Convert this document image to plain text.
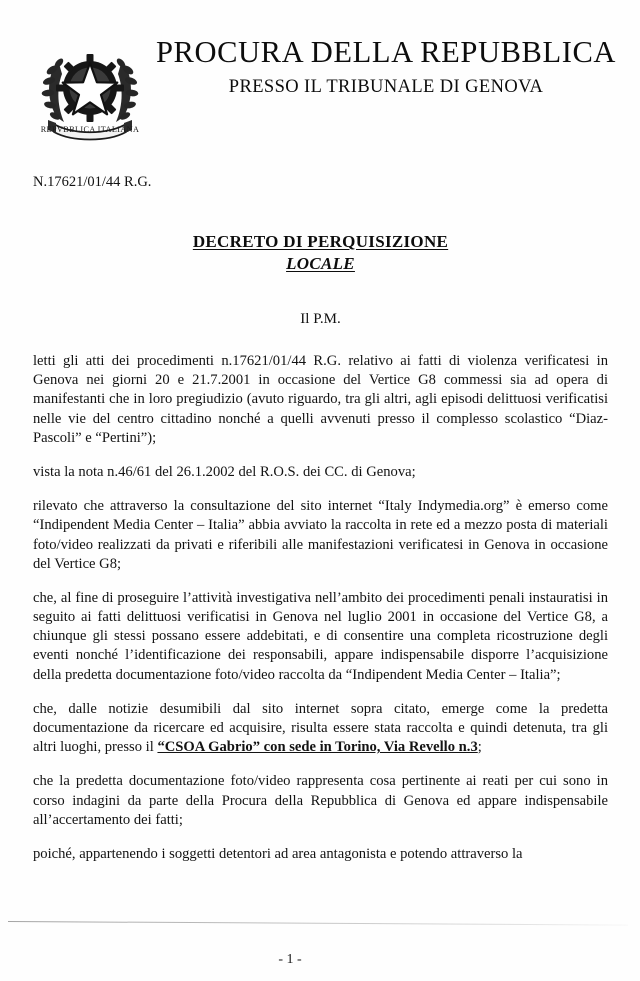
REPVBBLICA ITALIANA
PROCURA DELLA REPUBBLICA
PRESSO IL TRIBUNALE DI GENOVA
N.17621/01/44 R.G.
DECRETO DI PERQUISIZIONE
LOCALE
Il P.M.

letti gli atti dei procedimenti n.17621/01/44 R.G. relativo ai fatti di violenza verificatesi in Genova nei giorni 20 e 21.7.2001 in occasione del Vertice G8 commessi sia ad opera di manifestanti che in loro pregiudizio (avuto riguardo, tra gli altri, agli episodi delittuosi verificatisi nelle vie del centro cittadino nonché a quelli avvenuti presso il complesso scolastico “Diaz-Pascoli” e “Pertini”);

vista la nota n.46/61 del 26.1.2002 del R.O.S. dei CC. di Genova;

rilevato che attraverso la consultazione del sito internet “Italy Indymedia.org” è emerso come “Indipendent Media Center – Italia” abbia avviato la raccolta in rete ed a mezzo posta di materiali foto/video realizzati da privati e riferibili alle manifestazioni verificatesi in Genova in occasione del Vertice G8;

che, al fine di proseguire l’attività investigativa nell’ambito dei procedimenti penali instauratisi in seguito ai fatti delittuosi verificatisi in Genova nel luglio 2001 in occasione del Vertice G8, a chiunque gli stessi possano essere addebitati, e di consentire una completa ricostruzione degli eventi nonché l’identificazione dei responsabili, appare indispensabile disporre l’acquisizione della predetta documentazione foto/video raccolta da “Indipendent Media Center – Italia”;

che, dalle notizie desumibili dal sito internet sopra citato, emerge come la predetta documentazione da ricercare ed acquisire, risulta essere stata raccolta e quindi detenuta, tra gli altri luoghi, presso il “CSOA Gabrio” con sede in Torino, Via Revello n.3;

che la predetta documentazione foto/video rappresenta cosa pertinente ai reati per cui sono in corso indagini da parte della Procura della Repubblica di Genova ed appare indispensabile all’accertamento dei fatti;

poiché, appartenendo i soggetti detentori ad area antagonista e potendo attraverso la

- 1 -
